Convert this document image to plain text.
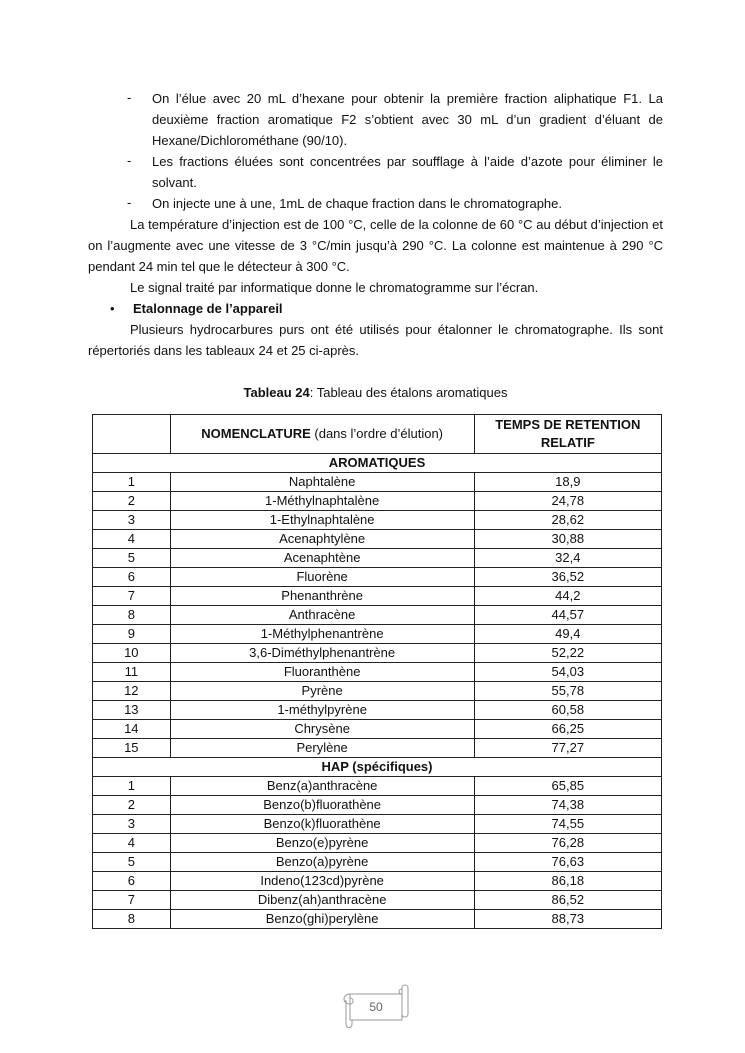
-	On l’élue avec 20 mL d’hexane pour obtenir la première fraction aliphatique F1. La deuxième fraction aromatique F2 s’obtient avec 30 mL d’un gradient d’éluant de Hexane/Dichlorométhane (90/10).
-	Les fractions éluées sont concentrées par soufflage à l’aide d’azote pour éliminer le solvant.
-	On injecte une à une, 1mL de chaque fraction dans le chromatographe.
La température d’injection est de 100 °C, celle de la colonne de 60 °C au début d’injection et on l’augmente avec une vitesse de 3 °C/min jusqu’à 290 °C. La colonne est maintenue à 290 °C pendant 24 min tel que le détecteur à 300 °C.
Le signal traité par informatique donne le chromatogramme sur l’écran.
• Etalonnage de l’appareil
Plusieurs hydrocarbures purs ont été utilisés pour étalonner le chromatographe. Ils sont répertoriés dans les tableaux 24 et 25 ci-après.
Tableau 24: Tableau des étalons aromatiques
	NOMENCLATURE (dans l’ordre d’élution)	TEMPS DE RETENTION RELATIF
AROMATIQUES		
1	Naphtalène	18,9
2	1-Méthylnaphtalène	24,78
3	1-Ethylnaphtalène	28,62
4	Acenaphtylène	30,88
5	Acenaphtène	32,4
6	Fluorène	36,52
7	Phenanthrène	44,2
8	Anthracène	44,57
9	1-Méthylphenantrène	49,4
10	3,6-Diméthylphenantrène	52,22
11	Fluoranthène	54,03
12	Pyrène	55,78
13	1-méthylpyrène	60,58
14	Chrysène	66,25
15	Perylène	77,27
HAP (spécifiques)		
1	Benz(a)anthracène	65,85
2	Benzo(b)fluorathène	74,38
3	Benzo(k)fluorathène	74,55
4	Benzo(e)pyrène	76,28
5	Benzo(a)pyrène	76,63
6	Indeno(123cd)pyrène	86,18
7	Dibenz(ah)anthracène	86,52
8	Benzo(ghi)perylène	88,73
50
